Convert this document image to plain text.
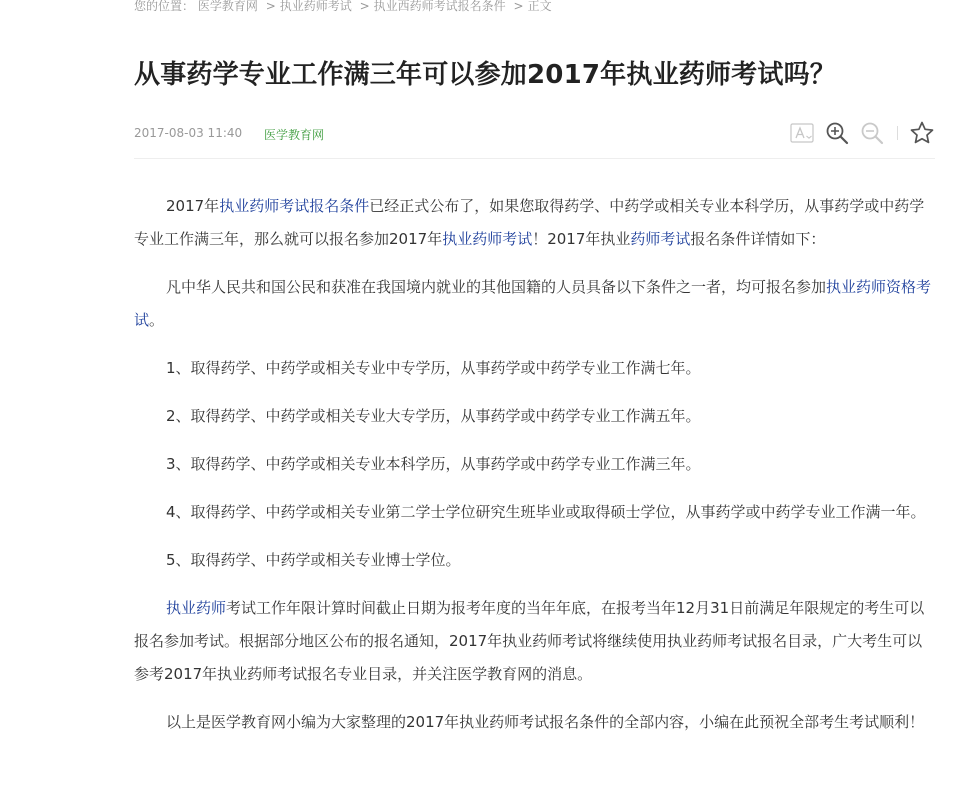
您的位置： 医学教育网 > 执业药师考试 > 执业西药师考试报名条件 > 正文
从事药学专业工作满三年可以参加2017年执业药师考试吗？
2017-08-03 11:40 医学教育网

2017年执业药师考试报名条件已经正式公布了，如果您取得药学、中药学或相关专业本科学历，从事药学或中药学专业工作满三年，那么就可以报名参加2017年执业药师考试！2017年执业药师考试报名条件详情如下：

凡中华人民共和国公民和获准在我国境内就业的其他国籍的人员具备以下条件之一者，均可报名参加执业药师资格考试。

1、取得药学、中药学或相关专业中专学历，从事药学或中药学专业工作满七年。

2、取得药学、中药学或相关专业大专学历，从事药学或中药学专业工作满五年。

3、取得药学、中药学或相关专业本科学历，从事药学或中药学专业工作满三年。

4、取得药学、中药学或相关专业第二学士学位研究生班毕业或取得硕士学位，从事药学或中药学专业工作满一年。

5、取得药学、中药学或相关专业博士学位。

执业药师考试工作年限计算时间截止日期为报考年度的当年年底，在报考当年12月31日前满足年限规定的考生可以报名参加考试。根据部分地区公布的报名通知，2017年执业药师考试将继续使用执业药师考试报名目录，广大考生可以参考2017年执业药师考试报名专业目录，并关注医学教育网的消息。

以上是医学教育网小编为大家整理的2017年执业药师考试报名条件的全部内容，小编在此预祝全部考生考试顺利！
